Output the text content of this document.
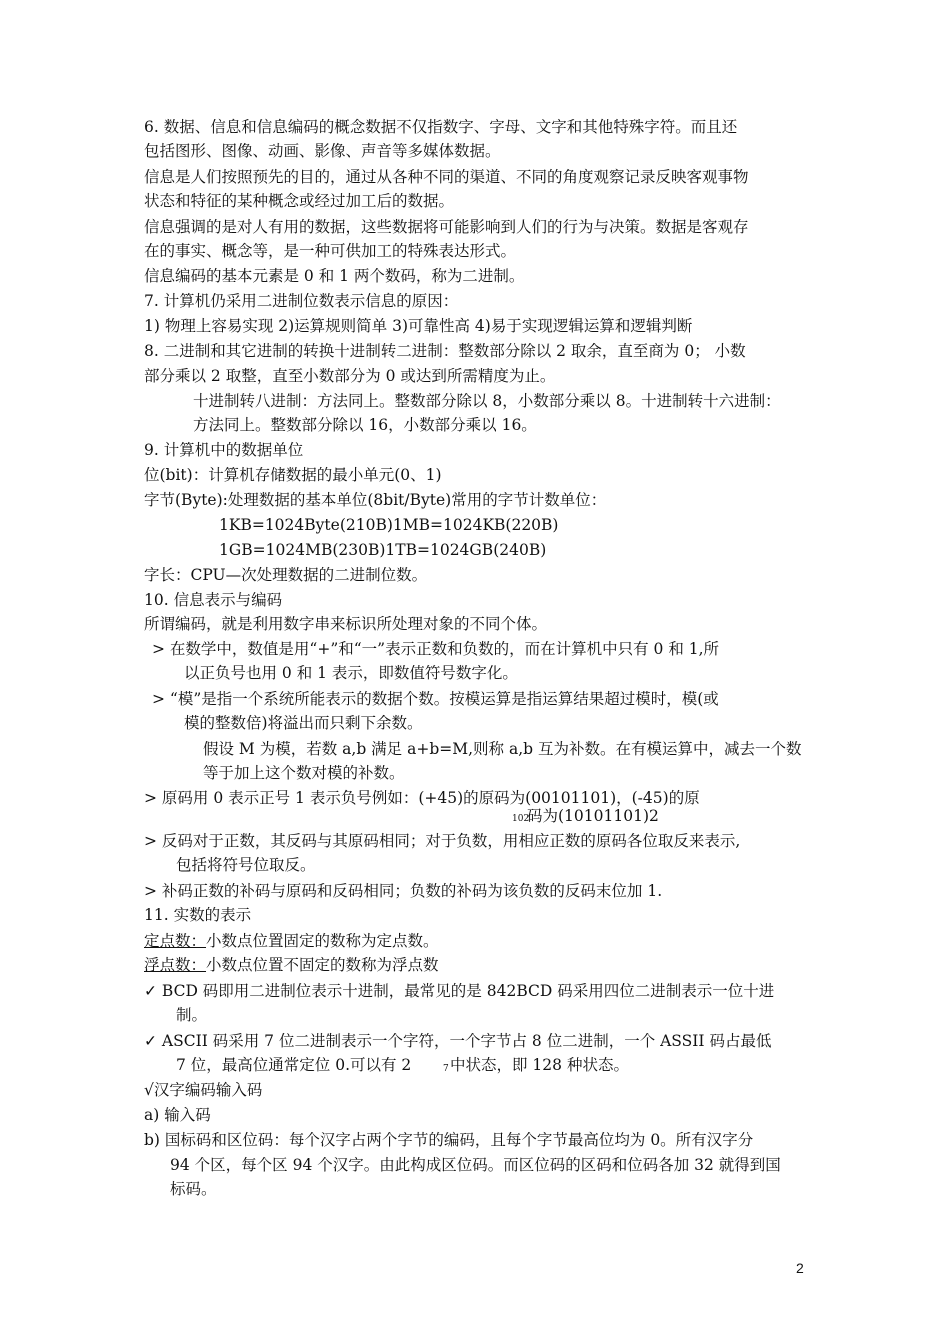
6. 数据、信息和信息编码的概念数据不仅指数字、字母、文字和其他特殊字符。而且还
包括图形、图像、动画、影像、声音等多媒体数据。
信息是人们按照预先的目的，通过从各种不同的渠道、不同的角度观察记录反映客观事物
状态和特征的某种概念或经过加工后的数据。
信息强调的是对人有用的数据，这些数据将可能影响到人们的行为与决策。数据是客观存
在的事实、概念等，是一种可供加工的特殊表达形式。
信息编码的基本元素是 0 和 1 两个数码，称为二进制。
7. 计算机仍采用二进制位数表示信息的原因：
1) 物理上容易实现 2)运算规则简单 3)可靠性高 4)易于实现逻辑运算和逻辑判断
8. 二进制和其它进制的转换十进制转二进制：整数部分除以 2 取余，直至商为 0； 小数
部分乘以 2 取整，直至小数部分为 0 或达到所需精度为止。
十进制转八进制：方法同上。整数部分除以 8，小数部分乘以 8。十进制转十六进制：
方法同上。整数部分除以 16，小数部分乘以 16。
9. 计算机中的数据单位
位(bit)：计算机存储数据的最小单元(0、1)
字节(Byte):处理数据的基本单位(8bit/Byte)常用的字节计数单位：
1KB=1024Byte(210B)1MB=1024KB(220B)
1GB=1024MB(230B)1TB=1024GB(240B)
字长：CPU—次处理数据的二进制位数。
10. 信息表示与编码
所谓编码，就是利用数字串来标识所处理对象的不同个体。
> 在数学中，数值是用“+”和“一”表示正数和负数的，而在计算机中只有 0 和 1,所
以正负号也用 0 和 1 表示，即数值符号数字化。
> “模”是指一个系统所能表示的数据个数。按模运算是指运算结果超过模时，模(或
模的整数倍)将溢出而只剩下余数。
假设 M 为模，若数 a,b 满足 a+b=M,则称 a,b 互为补数。在有模运算中，减去一个数
等于加上这个数对模的补数。
> 原码用 0 表示正号 1 表示负号例如：(+45)的原码为(00101101)，(-45)的原
码为(10101101)2
102
> 反码对于正数，其反码与其原码相同；对于负数，用相应正数的原码各位取反来表示,
包括将符号位取反。
> 补码正数的补码与原码和反码相同；负数的补码为该负数的反码末位加 1.
11. 实数的表示
定点数： 小数点位置固定的数称为定点数。
浮点数： 小数点位置不固定的数称为浮点数
✓ BCD 码即用二进制位表示十进制，最常见的是 842BCD 码采用四位二进制表示一位十进
制。
✓ ASCII 码采用 7 位二进制表示一个字符，一个字节占 8 位二进制，一个 ASSII 码占最低
7 位，最高位通常定位 0.可以有 2	7 中状态，即 128 种状态。
√汉字编码输入码
a) 输入码
b) 国标码和区位码：每个汉字占两个字节的编码，且每个字节最高位均为 0。所有汉字分
94 个区，每个区 94 个汉字。由此构成区位码。而区位码的区码和位码各加 32 就得到国
标码。
2
